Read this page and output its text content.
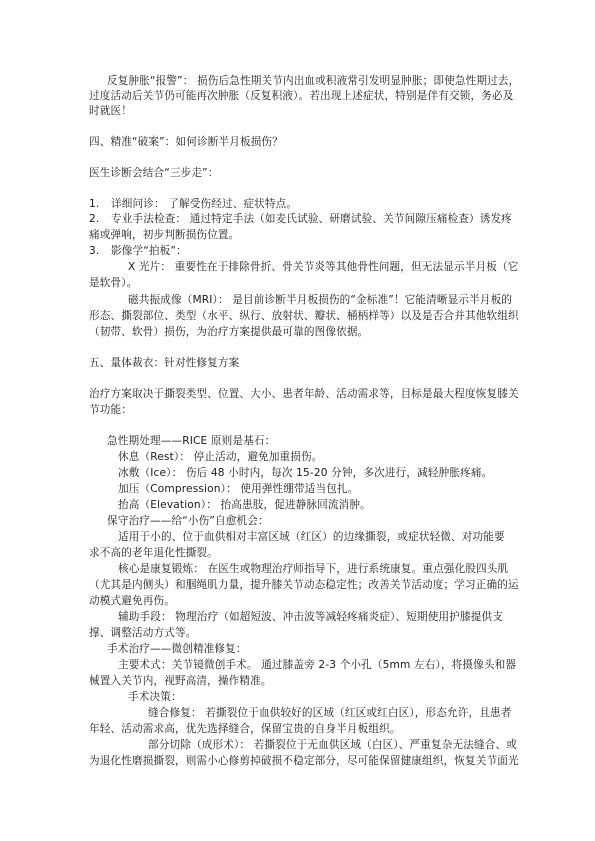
反复肿胀“报警”： 损伤后急性期关节内出血或积液常引发明显肿胀；即使急性期过去，
过度活动后关节仍可能再次肿胀（反复积液）。若出现上述症状，特别是伴有交锁，务必及
时就医！
四、精准“破案”：如何诊断半月板损伤？
医生诊断会结合“三步走”：
1. 详细问诊： 了解受伤经过、症状特点。
2. 专业手法检查： 通过特定手法（如麦氏试验、研磨试验、关节间隙压痛检查）诱发疼
痛或弹响，初步判断损伤位置。
3. 影像学“拍板”：
X 光片： 重要性在于排除骨折、骨关节炎等其他骨性问题，但无法显示半月板（它
是软骨）。
磁共振成像（MRI）： 是目前诊断半月板损伤的“金标准”！它能清晰显示半月板的
形态、撕裂部位、类型（水平、纵行、放射状、瓣状、桶柄样等）以及是否合并其他软组织
（韧带、软骨）损伤，为治疗方案提供最可靠的图像依据。
五、量体裁衣：针对性修复方案
治疗方案取决于撕裂类型、位置、大小、患者年龄、活动需求等，目标是最大程度恢复膝关
节功能：
急性期处理——RICE 原则是基石：
休息（Rest）： 停止活动，避免加重损伤。
冰敷（Ice）： 伤后 48 小时内，每次 15-20 分钟，多次进行，减轻肿胀疼痛。
加压（Compression）： 使用弹性绷带适当包扎。
抬高（Elevation）： 抬高患肢，促进静脉回流消肿。
保守治疗——给“小伤”自愈机会：
适用于小的、位于血供相对丰富区域（红区）的边缘撕裂，或症状轻微、对功能要
求不高的老年退化性撕裂。
核心是康复锻炼： 在医生或物理治疗师指导下，进行系统康复。重点强化股四头肌
（尤其是内侧头）和腘绳肌力量，提升膝关节动态稳定性；改善关节活动度；学习正确的运
动模式避免再伤。
辅助手段： 物理治疗（如超短波、冲击波等减轻疼痛炎症）、短期使用护膝提供支
撑、调整活动方式等。
手术治疗——微创精准修复：
主要术式：关节镜微创手术。 通过膝盖旁 2-3 个小孔（5mm 左右），将摄像头和器
械置入关节内，视野高清，操作精准。
手术决策：
缝合修复： 若撕裂位于血供较好的区域（红区或红白区），形态允许，且患者
年轻、活动需求高，优先选择缝合，保留宝贵的自身半月板组织。
部分切除（成形术）： 若撕裂位于无血供区域（白区）、严重复杂无法缝合、或
为退化性磨损撕裂，则需小心修剪掉破损不稳定部分，尽可能保留健康组织，恢复关节面光
